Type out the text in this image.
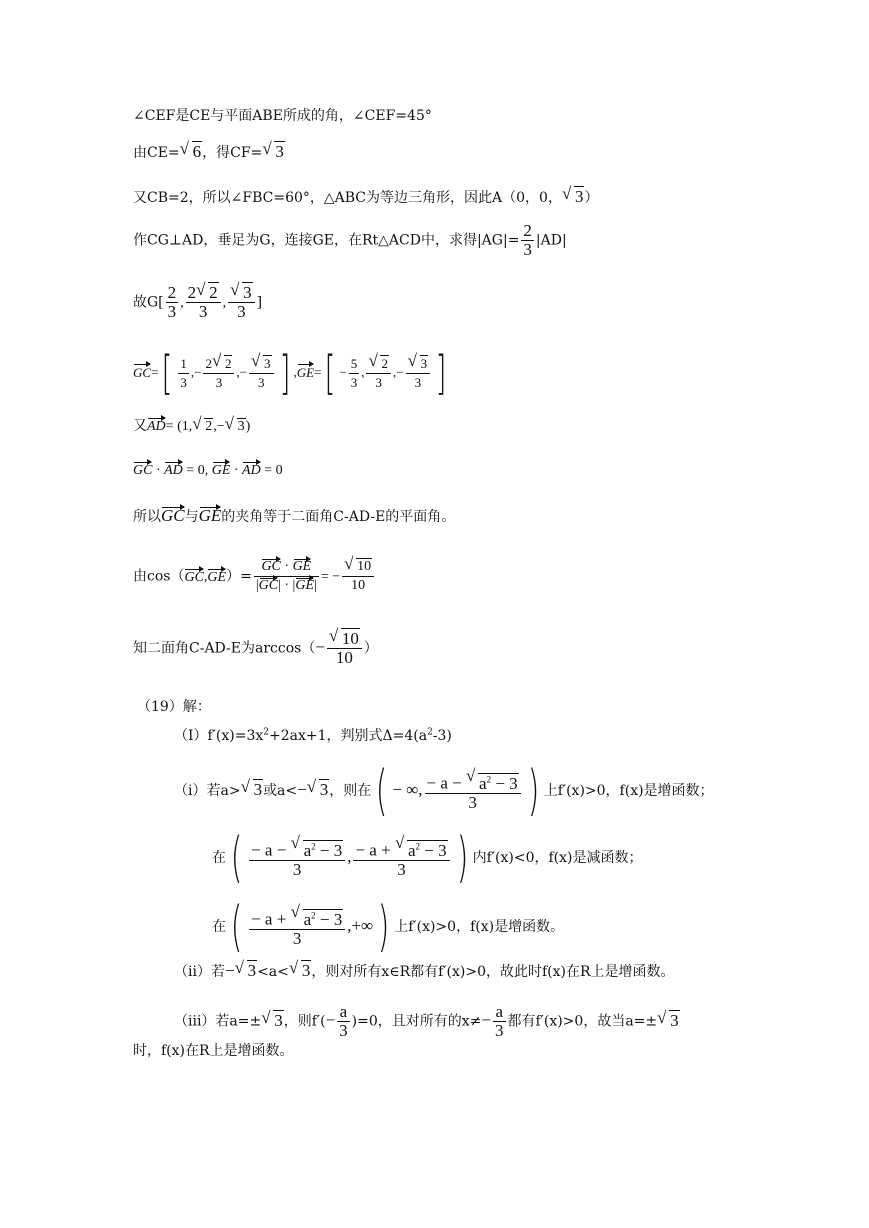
∠CEF是CE与平面ABE所成的角，∠CEF=45°
由CE= √ 6，得CF= √ 3
又CB=2，所以∠FBC=60°，△ABC为等边三角形，因此A（0，0， √ 3）
作CG⊥AD，垂足为G，连接GE，在Rt△ACD中，求得$|AG|= \frac{2}{3} |AD|$
故$G[ \frac{2}{3}$ , $\frac{2 √ 2}{3}$ , √ $\frac{3}{3}$ ]
$GC=[ \frac{1}{3}$ ,− $\frac{2 √ 2}{3}$ ,− √ $\frac{3}{3}$ ] $,GE=[ - \frac{5}{3}$ , √ $\frac{2}{3}$ ,− √ $\frac{3}{3}$ ]
又AD= (1, √ 2,− √ 3)
GC · AD = 0, GE · AD = 0
所以GC与GE的夹角等于二面角C-AD-E的平面角。
由$\cos(GC,GE)= \frac{GC \cdot GE}{|GC| \cdot |GE|}$ = − √ $\frac{10}{10}$
知二面角C-AD-E为arccos（− √ $\frac{10}{10}$ ）
（19）解：
$(Ⅰ)f'(x)=3x^2+2ax+1$，判别式$\Delta=4(a^2-3)$
（i）若a> √ 3或a<− √ 3，则在( − ∞, $\frac{- a - √ a^2 - 3}{3}$ ) 上f′(x)>0，f(x)是增函数；
在( $\frac{- a - √ a^2 - 3}{3}$ , $\frac{- a + √ a^2 - 3}{3}$ ) 内f′(x)<0，f(x)是减函数；
在( $\frac{- a + √ a^2 - 3}{3}$ ,+∞) 上f′(x)>0，f(x)是增函数。
（ii）若− √ 3<a< √ 3，则对所有x∈R都有f′(x)>0，故此时f(x)在R上是增函数。
（iii）若a=± √ 3，则$f'(- \frac{a}{3} )=0$，且对所有的$x\ne- \frac{a}{3}$ 都有f′(x)>0，故当a=± √ 3
时，f(x)在R上是增函数。
